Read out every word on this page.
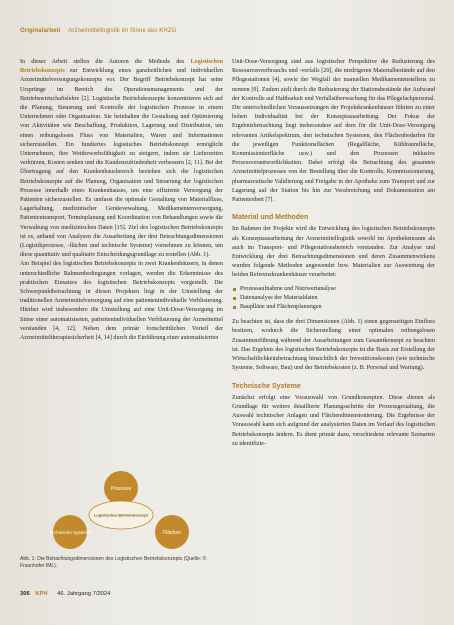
Originalarbeit Arzneimittellogistik im Sinne des KHZG

In dieser Arbeit stellen die Autoren die Methode des Logistischen Betriebskonzepts zur Entwicklung eines ganzheitlichen und individuellen Arzneimittelversorgungskonzepts vor. Der Begriff Betriebskonzept hat seine Ursprünge im Bereich des Operationsmanagements und der Betriebswirtschaftslehre [2]. Logistische Betriebskonzepte konzentrieren sich auf die Planung, Steuerung und Kontrolle der logistischen Prozesse in einem Unternehmen oder Organisation. Sie beinhalten die Gestaltung und Optimierung von Aktivitäten wie Beschaffung, Produktion, Lagerung und Distribution, um einen reibungslosen Fluss von Materialien, Waren und Informationen sicherzustellen. Ein fundiertes logistisches Betriebskonzept ermöglicht Unternehmen, ihre Wettbewerbsfähigkeit zu steigern, indem sie Lieferzeiten verkürzen, Kosten senken und die Kundenzufriedenheit verbessern [2, 11]. Bei der Übertragung auf den Krankenhausbereich beziehen sich die logistischen Betriebskonzepte auf die Planung, Organisation und Steuerung der logistischen Prozesse innerhalb eines Krankenhauses, um eine effiziente Versorgung der Patienten sicherzustellen. Es umfasst die optimale Gestaltung von Materialfluss, Lagerhaltung, medizinischer Gerätevewaltung, Medikamentenversorgung, Patiententransport, Terminplanung und Koordination von Behandlungen sowie die Verwaltung von medizinischen Daten [15]. Ziel des logistischen Betriebskonzepts ist es, anhand von Analysen die Ausarbeitung der drei Betrachtungsdimensionen (Logistikprozesse, -flächen und technische Systeme) vornehmen zu können, um diese quantitativ und qualitativ Entscheidungsgrundlage zu erstellen (Abb. 1).

Am Beispiel des logistischen Betriebskonzepts in zwei Krankenhäusern, in denen unterschiedliche Rahmenbedingungen vorlagen, werden die Erkenntnisse des praktischen Einsatzes des logistischen Betriebskonzepts vorgestellt. Die Schwerpunktbetrachtung in diesen Projekten liegt in der Umstellung der traditionellen Arzneimittelversorgung auf eine patientenindividuelle Verblisterung. Hierbei wird insbesondere die Umstellung auf eine Unit-Dose-Versorgung im Sinne einer automatisierten, patientenindividuellen Verblisterung der Arzneimittel verstanden [4, 12]. Neben dem primär fortschrittlichen Vorteil der Arzneimitteltherapiesicherheit [4, 14] durch die Einführung einer automatisierten

Prozesse
Technische Systeme	Flächen
Logistisches Betriebskonzept
Abb. 1: Die Betrachtungsdimensionen des Logistischen Betriebskonzepts (Quelle: © Fraunhofer IML).

Unit-Dose-Versorgung sind aus logistischer Perspektive die Reduzierung des Ressourcenverbrauchs und -verfalls [20], die niedrigeren Materialbestände auf den Pflegestationen [4], sowie der Wegfall der manuellen Medikamentenstellens zu nennen [9]. Zudem zielt durch die Reduzierung der Stationsbestände der Aufwand der Kontrolle auf Haltbarkeit und Verfallsüberwachung für das Pflegefachpersonal. Die unterschiedlichen Voraussetzungen der Projektkrankenhäuser führten zu einer hohen Individualität bei der Konzeptausarbeitung. Der Fokus der Ergebnisbetrachtung liegt insbesondere auf dem für die Unit-Dose-Versorgung relevanten Artikelspektrum, den technischen Systemen, den Flächenbedarfen für die jeweiligen Funktionsflächen (Regalfläche, Kühlraumfläche, Kommissionierfläche usw.) und den Prozessen inklusive Prozessverantwortlichkeiten. Dabei erfolgt die Betrachtung des gesamten Arzneimittelprozesses von der Bestellung über die Kontrolle, Kommissionierung, pharmazeutische Validierung und Freigabe in der Apotheke zum Transport und zur Lagerung auf der Station bis hin zur Verabreichung und Dokumentation am Patientenbett [7].

Material und Methoden

Im Rahmen der Projekte wird die Entwicklung des logistischen Betriebskonzepts als Konzeptausarbeitung der Arzneimittellogistik sowohl im Apothekenraum als auch im Transport- und Pflegestationsbereich verstanden. Zur Analyse und Entwicklung der drei Betrachtungsdimensionen und deren Zusammenwirkens wurden folgende Methoden angewendet bzw. Materialien zur Auswertung der beiden Referenzkrankenhäuser verarbeitet:

Prozessaufnahme und Nutzwertanalyse
Datenanalyse der Materialdaten
Bauplläne und Flächenplanungen

Zu beachten ist, dass die drei Dimensionen (Abb. 1) einen gegenseitigen Einfluss besitzen, wodurch die Sicherstellung einer optimalen reibungslosen Zusammenführung während der Ausarbeitungen zum Gesamtkonzept zu beachten ist. Das Ergebnis des logistischen Betriebskonzepts ist die Basis zur Erstellung der Wirtschaftlichkeitsbetrachtung hinsichtlich der Investitionskosten (wie technische Systeme, Software, Bau) und der Betriebskosten (z. B. Personal und Wartung).

Technische Systeme

Zunächst erfolgt eine Vorauswahl von Grundkonzepten. Diese dienen als Grundlage für weitere detaillierte Planungsschritte der Prozessgestaltung, die Auswahl technischer Anlagen und Flächendimensionierung. Die Ergebnisse der Vorauswahl kann sich aufgrund der analysierten Daten im Verlauf des logistischen Betriebskonzepts ändern. Es dient primär dazu, verschiedene relevante Szenarien zu identifizie-

306 KPH 46. Jahrgang 7/2024
